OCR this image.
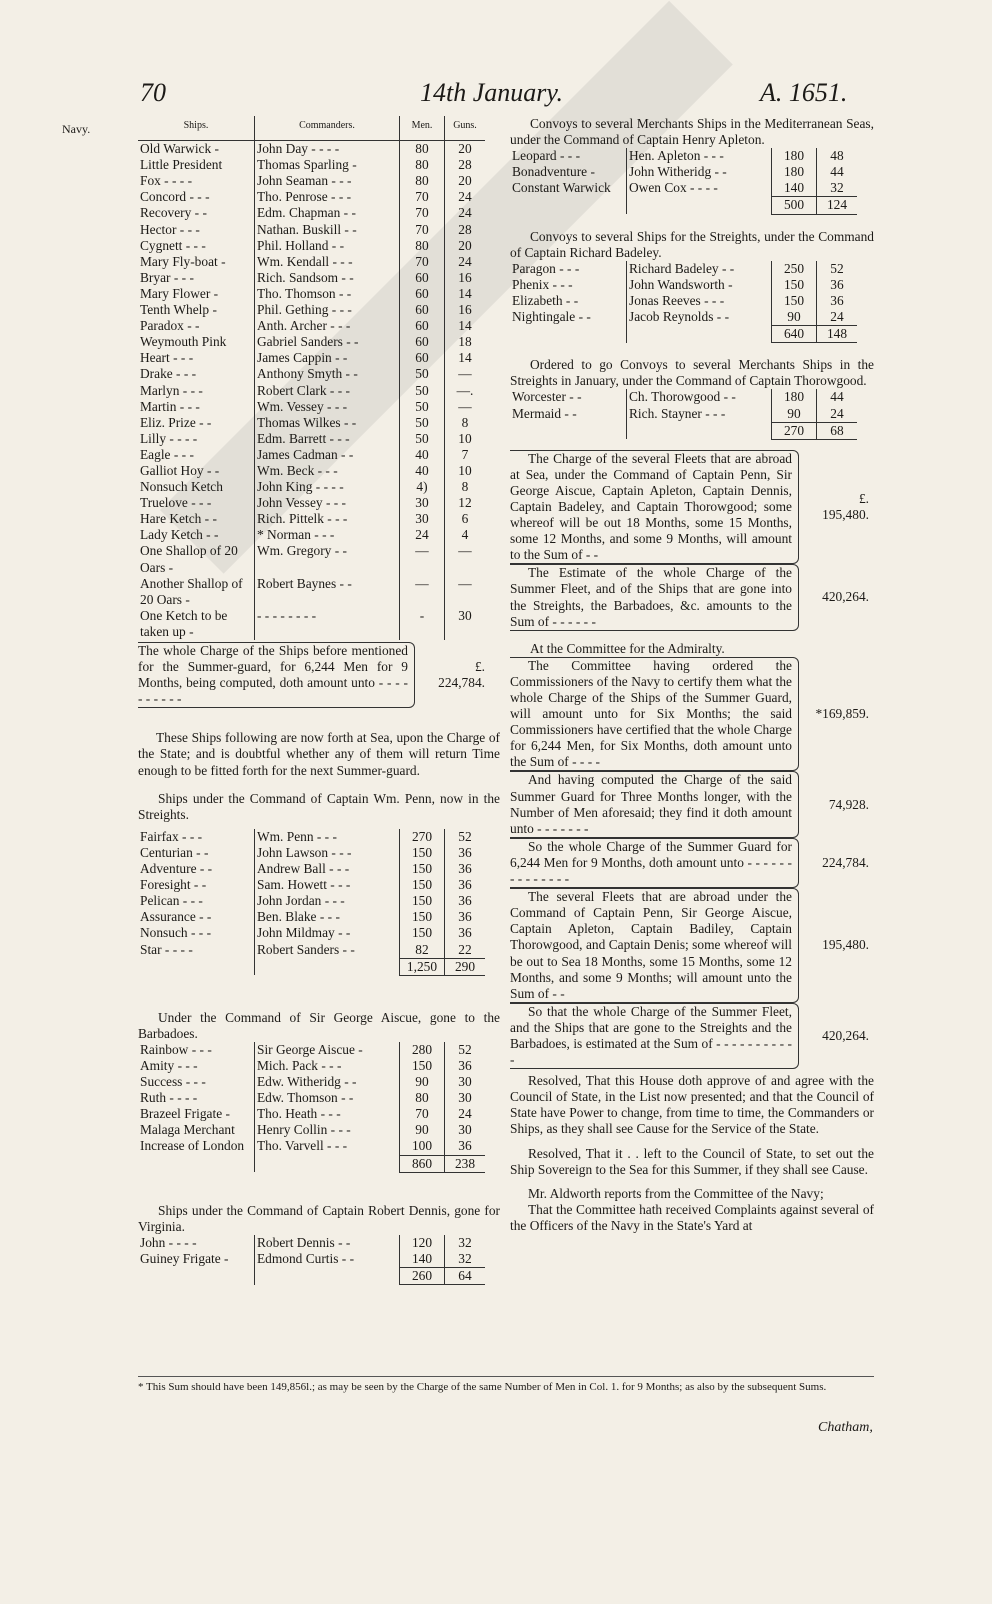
70	14th January.	A. 1651.
Navy.	Ships.	Commanders.	Men.	Guns.
Old Warwick -	John Day - - - -	80	20
Little President	Thomas Sparling -	80	28
Fox - - - -	John Seaman - - -	80	20
Concord - - -	Tho. Penrose - - -	70	24
Recovery - -	Edm. Chapman - -	70	24
Hector - - -	Nathan. Buskill - -	70	28
Cygnett - - -	Phil. Holland - -	80	20
Mary Fly-boat -	Wm. Kendall - - -	70	24
Bryar - - -	Rich. Sandsom - -	60	16
Mary Flower -	Tho. Thomson - -	60	14
Tenth Whelp -	Phil. Gething - - -	60	16
Paradox - -	Anth. Archer - - -	60	14
Weymouth Pink	Gabriel Sanders - -	60	18
Heart - - -	James Cappin - -	60	14
Drake - - -	Anthony Smyth - -	50	—
Marlyn - - -	Robert Clark - - -	50	—.
Martin - - -	Wm. Vessey - - -	50	—
Eliz. Prize - -	Thomas Wilkes - -	50	8
Lilly - - - -	Edm. Barrett - - -	50	10
Eagle - - -	James Cadman - -	40	7
Galliot Hoy - -	Wm. Beck - - -	40	10
Nonsuch Ketch	John King - - - -	4)	8
Truelove - - -	John Vessey - - -	30	12
Hare Ketch - -	Rich. Pittelk - - -	30	6
Lady Ketch - -	* Norman - - -	24	4
One Shallop of 20 Oars -	Wm. Gregory - -	—	—
Another Shallop of 20 Oars -	Robert Baynes - -	—	—
One Ketch to be taken up -	- - - - - - - -	-	30

The whole Charge of the Ships before mentioned for the Summer-guard, for 6,244 Men for 9 Months, being computed, doth amount unto - - - - - - - - - -

£.
224,784.

These Ships following are now forth at Sea, upon the Charge of the State; and is doubtful whether any of them will return Time enough to be fitted forth for the next Summer-guard.

Ships under the Command of Captain Wm. Penn, now in the Streights.

Fairfax - - -	Wm. Penn - - -	270	52
Centurian - -	John Lawson - - -	150	36
Adventure - -	Andrew Ball - - -	150	36
Foresight - -	Sam. Howett - - -	150	36
Pelican - - -	John Jordan - - -	150	36
Assurance - -	Ben. Blake - - -	150	36
Nonsuch - - -	John Mildmay - -	150	36
Star - - - -	Robert Sanders - -	82	22
		1,250	290

Under the Command of Sir George Aiscue, gone to the Barbadoes.

Rainbow - - -	Sir George Aiscue -	280	52
Amity - - -	Mich. Pack - - -	150	36
Success - - -	Edw. Witheridg - -	90	30
Ruth - - - -	Edw. Thomson - -	80	30
Brazeel Frigate -	Tho. Heath - - -	70	24
Malaga Merchant	Henry Collin - - -	90	30
Increase of London	Tho. Varvell - - -	100	36
		860	238

Ships under the Command of Captain Robert Dennis, gone for Virginia.

John - - - -	Robert Dennis - -	120	32
Guiney Frigate -	Edmond Curtis - -	140	32
		260	64

Convoys to several Merchants Ships in the Mediterranean Seas, under the Command of Captain Henry Apleton.

Leopard - - -	Hen. Apleton - - -	180	48
Bonadventure -	John Witheridg - -	180	44
Constant Warwick	Owen Cox - - - -	140	32
		500	124

Convoys to several Ships for the Streights, under the Command of Captain Richard Badeley.

Paragon - - -	Richard Badeley - -	250	52
Phenix - - -	John Wandsworth -	150	36
Elizabeth - -	Jonas Reeves - - -	150	36
Nightingale - -	Jacob Reynolds - -	90	24
		640	148

Ordered to go Convoys to several Merchants Ships in the Streights in January, under the Command of Captain Thorowgood.

Worcester - -	Ch. Thorowgood - -	180	44
Mermaid - -	Rich. Stayner - - -	90	24
		270	68

The Charge of the several Fleets that are abroad at Sea, under the Command of Captain Penn, Sir George Aiscue, Captain Apleton, Captain Dennis, Captain Badeley, and Captain Thorowgood; some whereof will be out 18 Months, some 15 Months, some 12 Months, and some 9 Months, will amount to the Sum of - -

£.
195,480.

The Estimate of the whole Charge of the Summer Fleet, and of the Ships that are gone into the Streights, the Barbadoes, &c. amounts to the Sum of - - - - - -

420,264.

At the Committee for the Admiralty.

The Committee having ordered the Commissioners of the Navy to certify them what the whole Charge of the Ships of the Summer Guard, will amount unto for Six Months; the said Commissioners have certified that the whole Charge for 6,244 Men, for Six Months, doth amount unto the Sum of - - - -

*169,859.

And having computed the Charge of the said Summer Guard for Three Months longer, with the Number of Men aforesaid; they find it doth amount unto - - - - - - -

74,928.

So the whole Charge of the Summer Guard for 6,244 Men for 9 Months, doth amount unto - - - - - - - - - - - - - -

224,784.

The several Fleets that are abroad under the Command of Captain Penn, Sir George Aiscue, Captain Apleton, Captain Badiley, Captain Thorowgood, and Captain Denis; some whereof will be out to Sea 18 Months, some 15 Months, some 12 Months, and some 9 Months; will amount unto the Sum of - -

195,480.

So that the whole Charge of the Summer Fleet, and the Ships that are gone to the Streights and the Barbadoes, is estimated at the Sum of - - - - - - - - - - -

420,264.

Resolved, That this House doth approve of and agree with the Council of State, in the List now presented; and that the Council of State have Power to change, from time to time, the Commanders or Ships, as they shall see Cause for the Service of the State.

Resolved, That it . . left to the Council of State, to set out the Ship Sovereign to the Sea for this Summer, if they shall see Cause.

Mr. Aldworth reports from the Committee of the Navy;

That the Committee hath received Complaints against several of the Officers of the Navy in the State's Yard at

* This Sum should have been 149,856l.; as may be seen by the Charge of the same Number of Men in Col. 1. for 9 Months; as also by the subsequent Sums.
Chatham,
